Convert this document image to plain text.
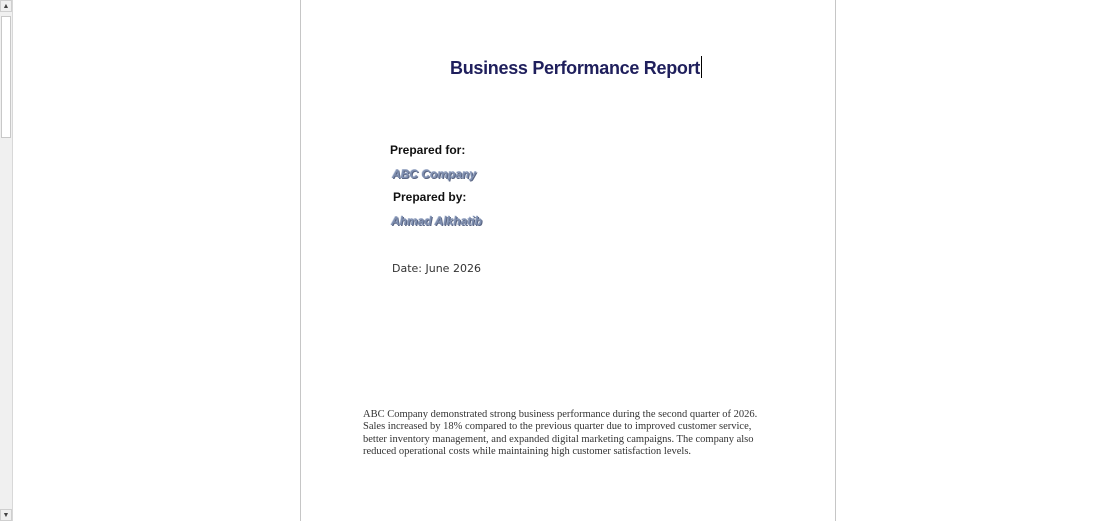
▲
▼
Business Performance Report
Prepared for:
ABC Company
Prepared by:
Ahmad Alkhatib
Date: June 2026
ABC Company demonstrated strong business performance during the second quarter of 2026. Sales increased by 18% compared to the previous quarter due to improved customer service, better inventory management, and expanded digital marketing campaigns. The company also reduced operational costs while maintaining high customer satisfaction levels.
